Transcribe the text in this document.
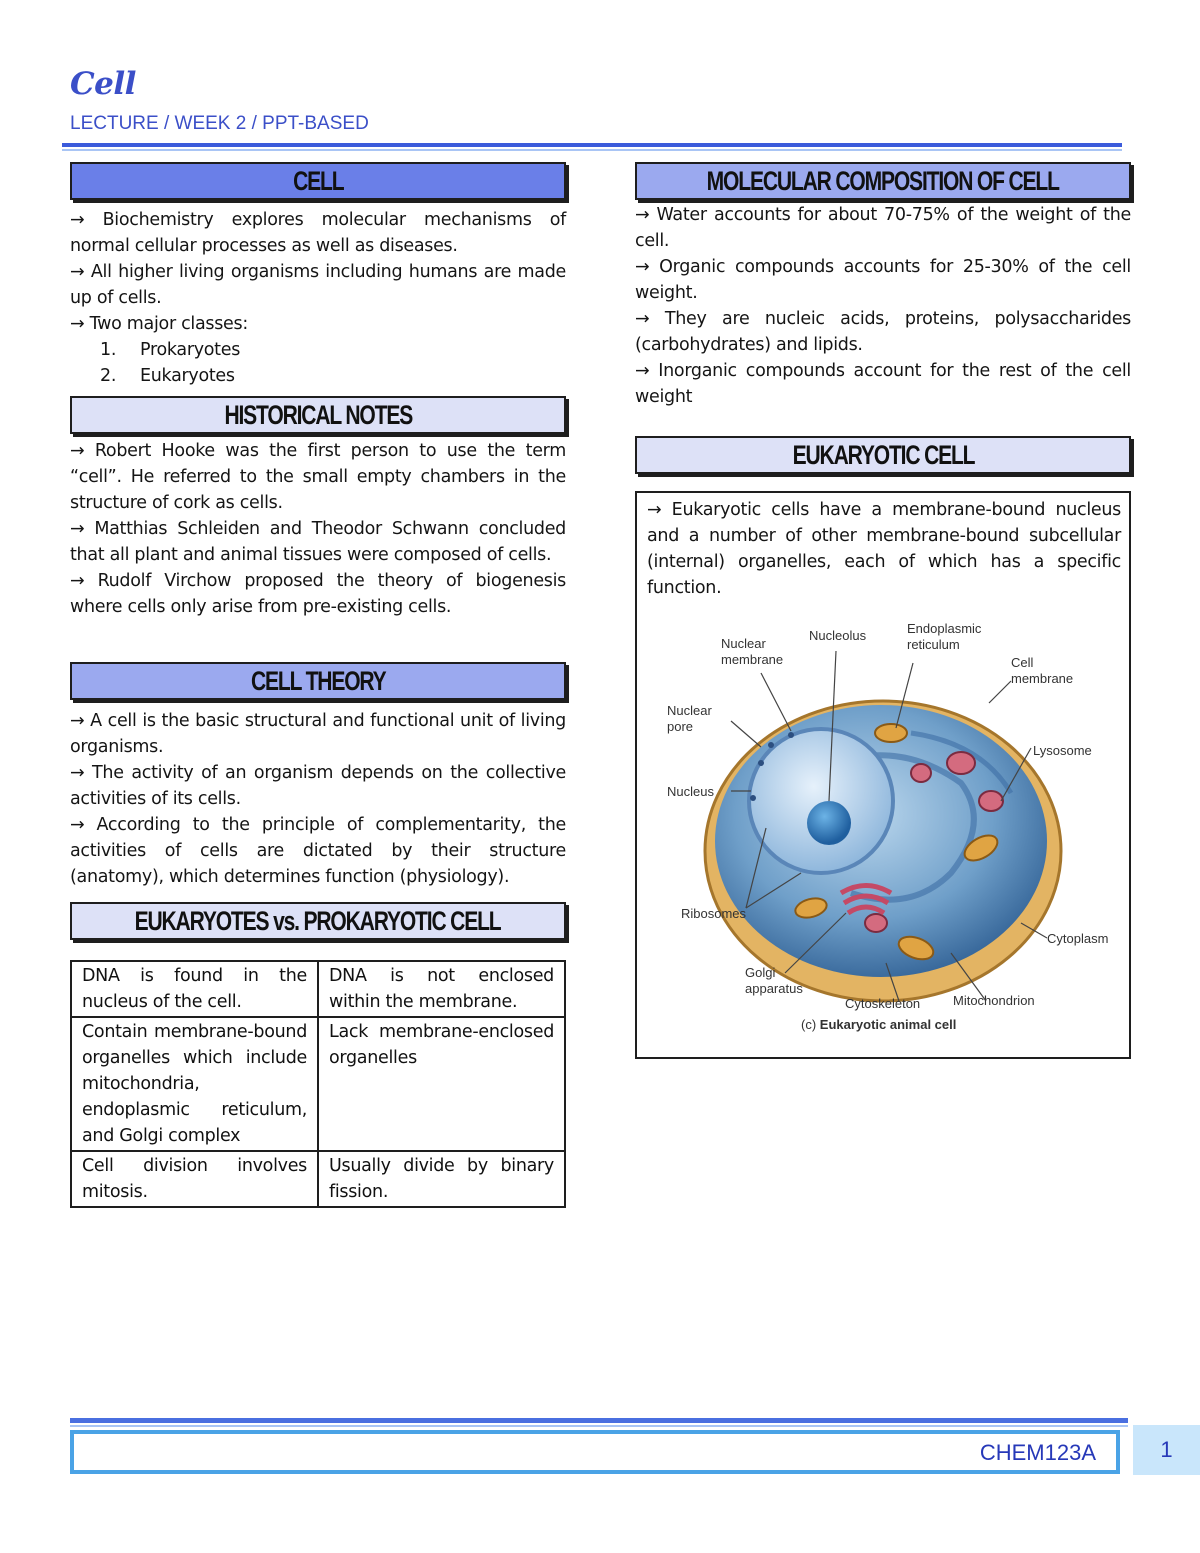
Cell
LECTURE / WEEK 2 / PPT-BASED
CELL

→ Biochemistry explores molecular mechanisms of normal cellular processes as well as diseases.

→ All higher living organisms including humans are made up of cells.

→ Two major classes:

1. Prokaryotes

2. Eukaryotes

HISTORICAL NOTES

→ Robert Hooke was the first person to use the term “cell”. He referred to the small empty chambers in the structure of cork as cells.

→ Matthias Schleiden and Theodor Schwann concluded that all plant and animal tissues were composed of cells.

→ Rudolf Virchow proposed the theory of biogenesis where cells only arise from pre-existing cells.

CELL THEORY

→ A cell is the basic structural and functional unit of living organisms.

→ The activity of an organism depends on the collective activities of its cells.

→ According to the principle of complementarity, the activities of cells are dictated by their structure (anatomy), which determines function (physiology).

EUKARYOTES vs. PROKARYOTIC CELL
DNA is found in the nucleus of the cell.	DNA is not enclosed within the membrane.
Contain membrane-bound organelles which include mitochondria, endoplasmic reticulum, and Golgi complex	Lack membrane-enclosed organelles
Cell division involves mitosis.	Usually divide by binary fission.
MOLECULAR COMPOSITION OF CELL

→ Water accounts for about 70-75% of the weight of the cell.

→ Organic compounds accounts for 25-30% of the cell weight.

→ They are nucleic acids, proteins, polysaccharides (carbohydrates) and lipids.

→ Inorganic compounds account for the rest of the cell weight

EUKARYOTIC CELL
→ Eukaryotic cells have a membrane-bound nucleus and a number of other membrane-bound subcellular (internal) organelles, each of which has a specific function.
Nuclear
membrane
Nucleolus	Endoplasmic
reticulum
Cell
membrane
Nuclear
pore
Lysosome
Nucleus
Ribosomes
Cytoplasm
Golgi
apparatus
Cytoskeleton	Mitochondrion
(c) Eukaryotic animal cell
CHEM123A	1
